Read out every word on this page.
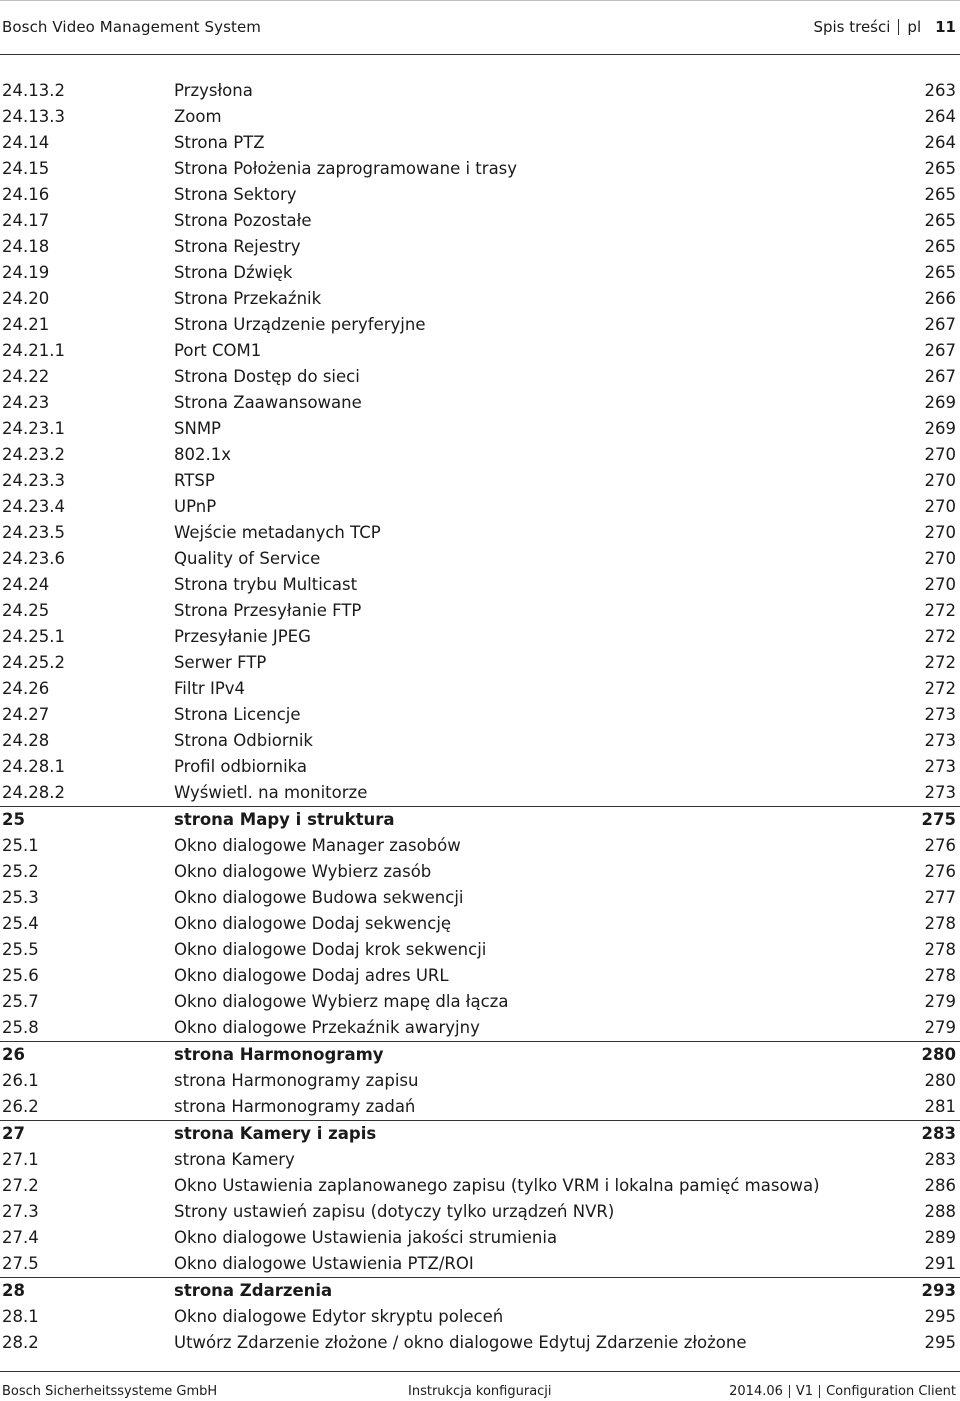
Bosch Video Management System	Spis treści pl 11
24.13.2	Przysłona	263
24.13.3	Zoom	264
24.14	Strona PTZ	264
24.15	Strona Położenia zaprogramowane i trasy	265
24.16	Strona Sektory	265
24.17	Strona Pozostałe	265
24.18	Strona Rejestry	265
24.19	Strona Dźwięk	265
24.20	Strona Przekaźnik	266
24.21	Strona Urządzenie peryferyjne	267
24.21.1	Port COM1	267
24.22	Strona Dostęp do sieci	267
24.23	Strona Zaawansowane	269
24.23.1	SNMP	269
24.23.2	802.1x	270
24.23.3	RTSP	270
24.23.4	UPnP	270
24.23.5	Wejście metadanych TCP	270
24.23.6	Quality of Service	270
24.24	Strona trybu Multicast	270
24.25	Strona Przesyłanie FTP	272
24.25.1	Przesyłanie JPEG	272
24.25.2	Serwer FTP	272
24.26	Filtr IPv4	272
24.27	Strona Licencje	273
24.28	Strona Odbiornik	273
24.28.1	Profil odbiornika	273
24.28.2	Wyświetl. na monitorze	273
25	strona Mapy i struktura	275
25.1	Okno dialogowe Manager zasobów	276
25.2	Okno dialogowe Wybierz zasób	276
25.3	Okno dialogowe Budowa sekwencji	277
25.4	Okno dialogowe Dodaj sekwencję	278
25.5	Okno dialogowe Dodaj krok sekwencji	278
25.6	Okno dialogowe Dodaj adres URL	278
25.7	Okno dialogowe Wybierz mapę dla łącza	279
25.8	Okno dialogowe Przekaźnik awaryjny	279
26	strona Harmonogramy	280
26.1	strona Harmonogramy zapisu	280
26.2	strona Harmonogramy zadań	281
27	strona Kamery i zapis	283
27.1	strona Kamery	283
27.2	Okno Ustawienia zaplanowanego zapisu (tylko VRM i lokalna pamięć masowa)	286
27.3	Strony ustawień zapisu (dotyczy tylko urządzeń NVR)	288
27.4	Okno dialogowe Ustawienia jakości strumienia	289
27.5	Okno dialogowe Ustawienia PTZ/ROI	291
28	strona Zdarzenia	293
28.1	Okno dialogowe Edytor skryptu poleceń	295
28.2	Utwórz Zdarzenie złożone / okno dialogowe Edytuj Zdarzenie złożone	295
Bosch Sicherheitssysteme GmbH	Instrukcja konfiguracji	2014.06 V1 Configuration Client
